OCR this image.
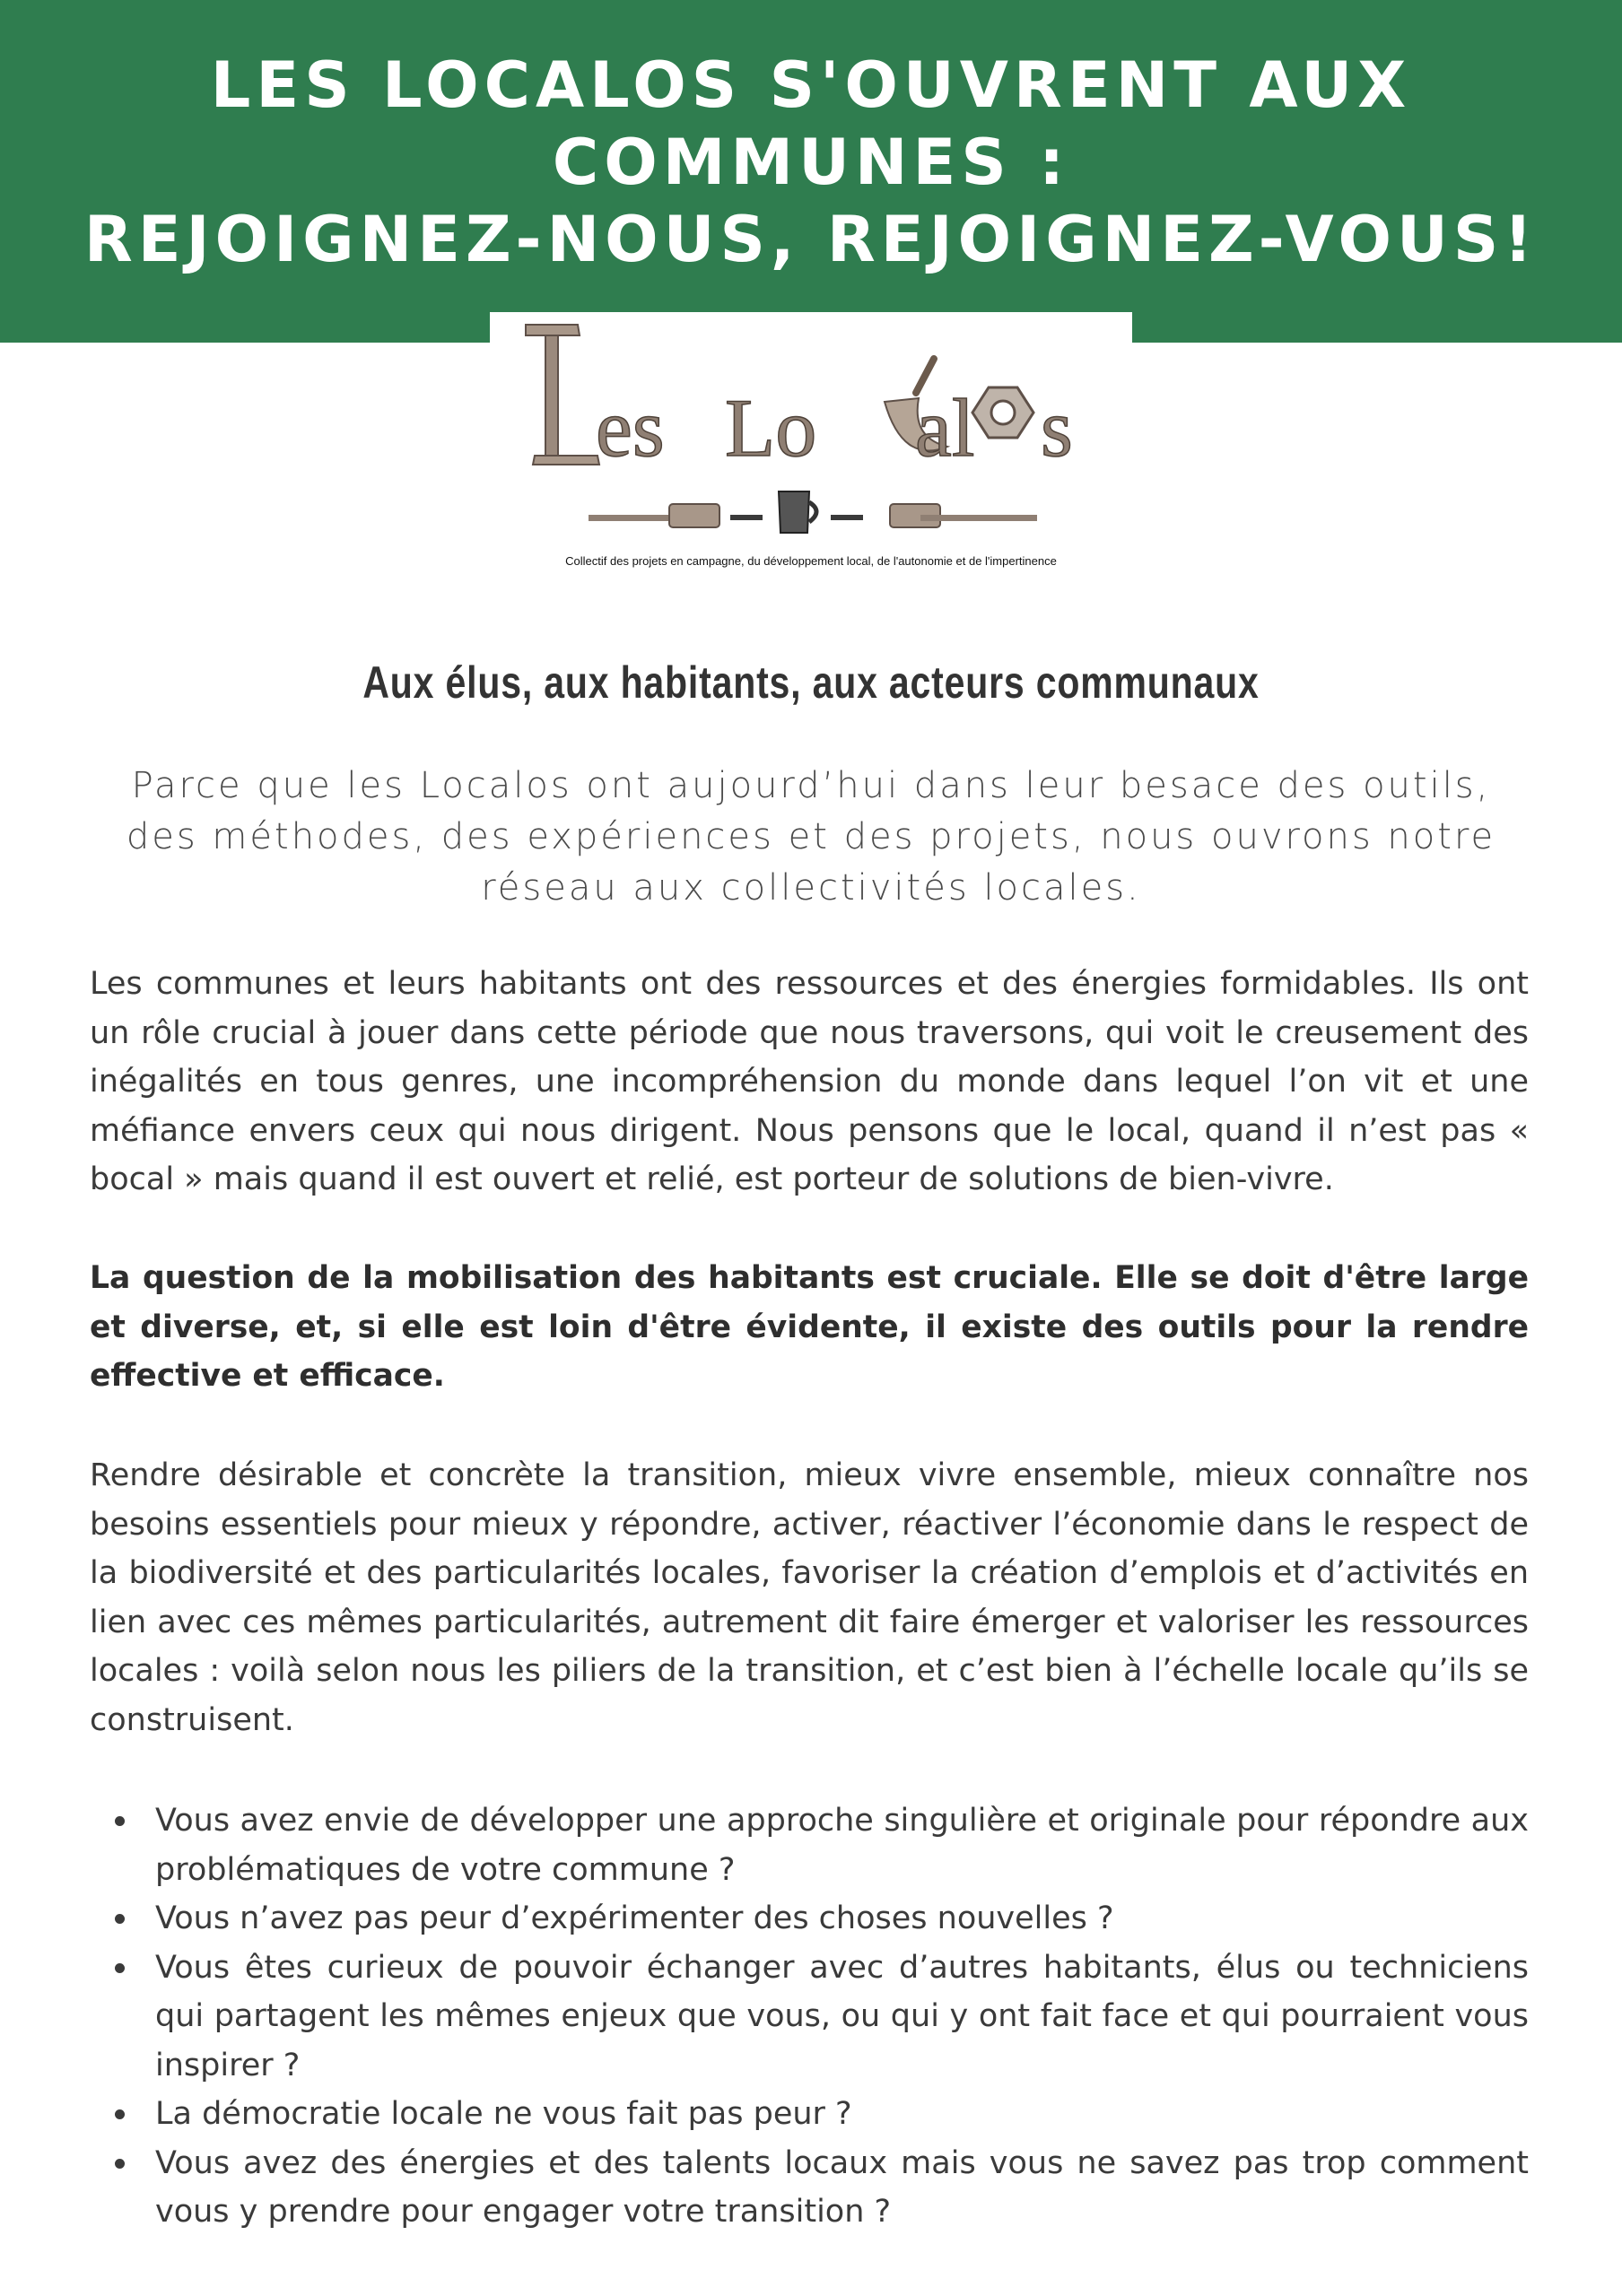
LES LOCALOS S'OUVRENT AUX
COMMUNES :
REJOIGNEZ-NOUS, REJOIGNEZ-VOUS!
es Lo al s
Collectif des projets en campagne, du développement local, de l'autonomie et de l'impertinence
Aux élus, aux habitants, aux acteurs communaux
Parce que les Localos ont aujourd’hui dans leur besace des outils, des méthodes, des expériences et des projets, nous ouvrons notre réseau aux collectivités locales.
Les communes et leurs habitants ont des ressources et des énergies formidables. Ils ont un rôle crucial à jouer dans cette période que nous traversons, qui voit le creusement des inégalités en tous genres, une incompréhension du monde dans lequel l’on vit et une méfiance envers ceux qui nous dirigent. Nous pensons que le local, quand il n’est pas « bocal » mais quand il est ouvert et relié, est porteur de solutions de bien-vivre.
La question de la mobilisation des habitants est cruciale. Elle se doit d'être large et diverse, et, si elle est loin d'être évidente, il existe des outils pour la rendre effective et efficace.
Rendre désirable et concrète la transition, mieux vivre ensemble, mieux connaître nos besoins essentiels pour mieux y répondre, activer, réactiver l’économie dans le respect de la biodiversité et des particularités locales, favoriser la création d’emplois et d’activités en lien avec ces mêmes particularités, autrement dit faire émerger et valoriser les ressources locales : voilà selon nous les piliers de la transition, et c’est bien à l’échelle locale qu’ils se construisent.
Vous avez envie de développer une approche singulière et originale pour répondre aux problématiques de votre commune ?
Vous n’avez pas peur d’expérimenter des choses nouvelles ?
Vous êtes curieux de pouvoir échanger avec d’autres habitants, élus ou techniciens qui partagent les mêmes enjeux que vous, ou qui y ont fait face et qui pourraient vous inspirer ?
La démocratie locale ne vous fait pas peur ?
Vous avez des énergies et des talents locaux mais vous ne savez pas trop comment vous y prendre pour engager votre transition ?
